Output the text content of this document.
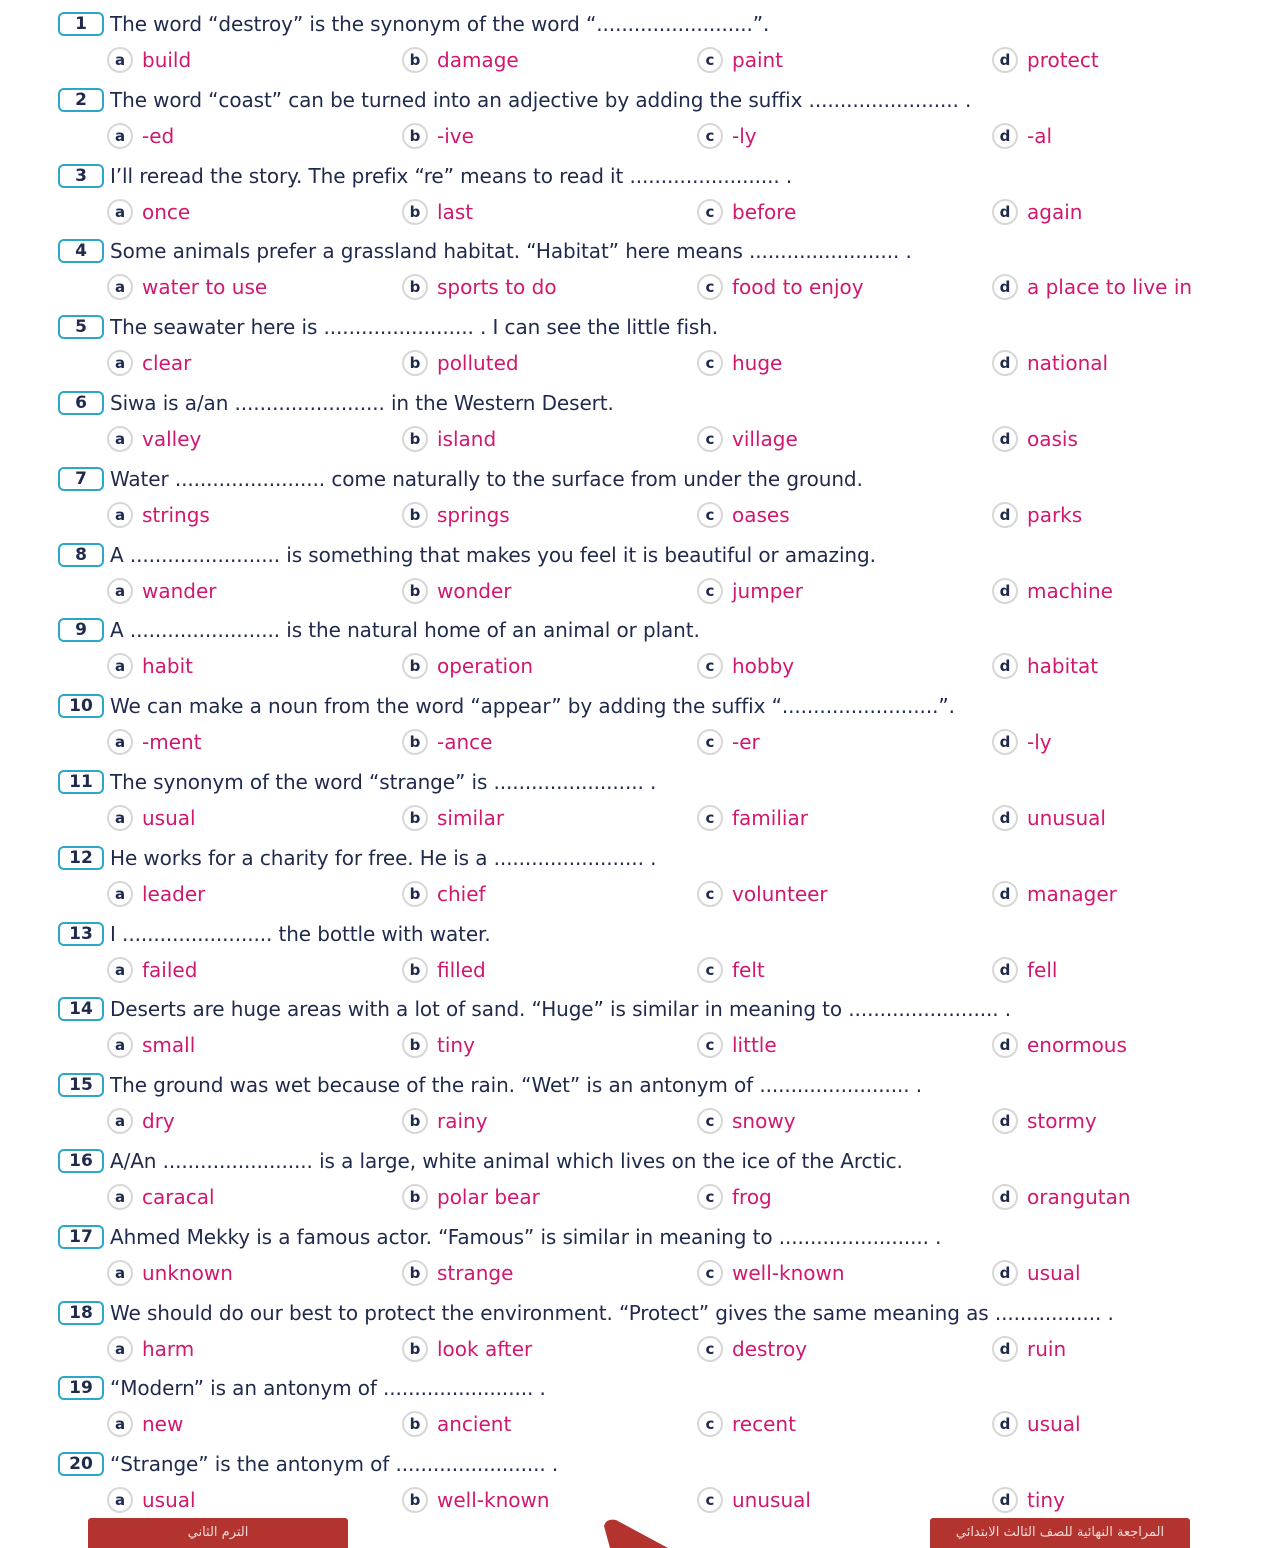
1	The word “destroy” is the synonym of the word “.........................”.
a build	b damage	c paint	d protect
2	The word “coast” can be turned into an adjective by adding the suffix ........................ .
a -ed	b -ive	c -ly	d -al
3	I’ll reread the story. The prefix “re” means to read it ........................ .
a once	b last	c before	d again
4	Some animals prefer a grassland habitat. “Habitat” here means ........................ .
a water to use	b sports to do	c food to enjoy	d a place to live in
5	The seawater here is ........................ . I can see the little fish.
a clear	b polluted	c huge	d national
6	Siwa is a/an ........................ in the Western Desert.
a valley	b island	c village	d oasis
7	Water ........................ come naturally to the surface from under the ground.
a strings	b springs	c oases	d parks
8	A ........................ is something that makes you feel it is beautiful or amazing.
a wander	b wonder	c jumper	d machine
9	A ........................ is the natural home of an animal or plant.
a habit	b operation	c hobby	d habitat
10 We can make a noun from the word “appear” by adding the suffix “.........................”.
a -ment	b -ance	c -er	d -ly
11 The synonym of the word “strange” is ........................ .
a usual	b similar	c familiar	d unusual
12 He works for a charity for free. He is a ........................ .
a leader	b chief	c volunteer	d manager
13 I ........................ the bottle with water.
a failed	b filled	c felt	d fell
14 Deserts are huge areas with a lot of sand. “Huge” is similar in meaning to ........................ .
a small	b tiny	c little	d enormous
15 The ground was wet because of the rain. “Wet” is an antonym of ........................ .
a dry	b rainy	c snowy	d stormy
16 A/An ........................ is a large, white animal which lives on the ice of the Arctic.
a caracal	b polar bear	c frog	d orangutan
17 Ahmed Mekky is a famous actor. “Famous” is similar in meaning to ........................ .
a unknown	b strange	c well-known	d usual
18 We should do our best to protect the environment. “Protect” gives the same meaning as ................. .
a harm	b look after	c destroy	d ruin
19 “Modern” is an antonym of ........................ .
a new	b ancient	c recent	d usual
20 “Strange” is the antonym of ........................ .
a usual	b well-known	c unusual	d tiny
الترم الثاني	المراجعة النهائية للصف الثالث الابتدائي
